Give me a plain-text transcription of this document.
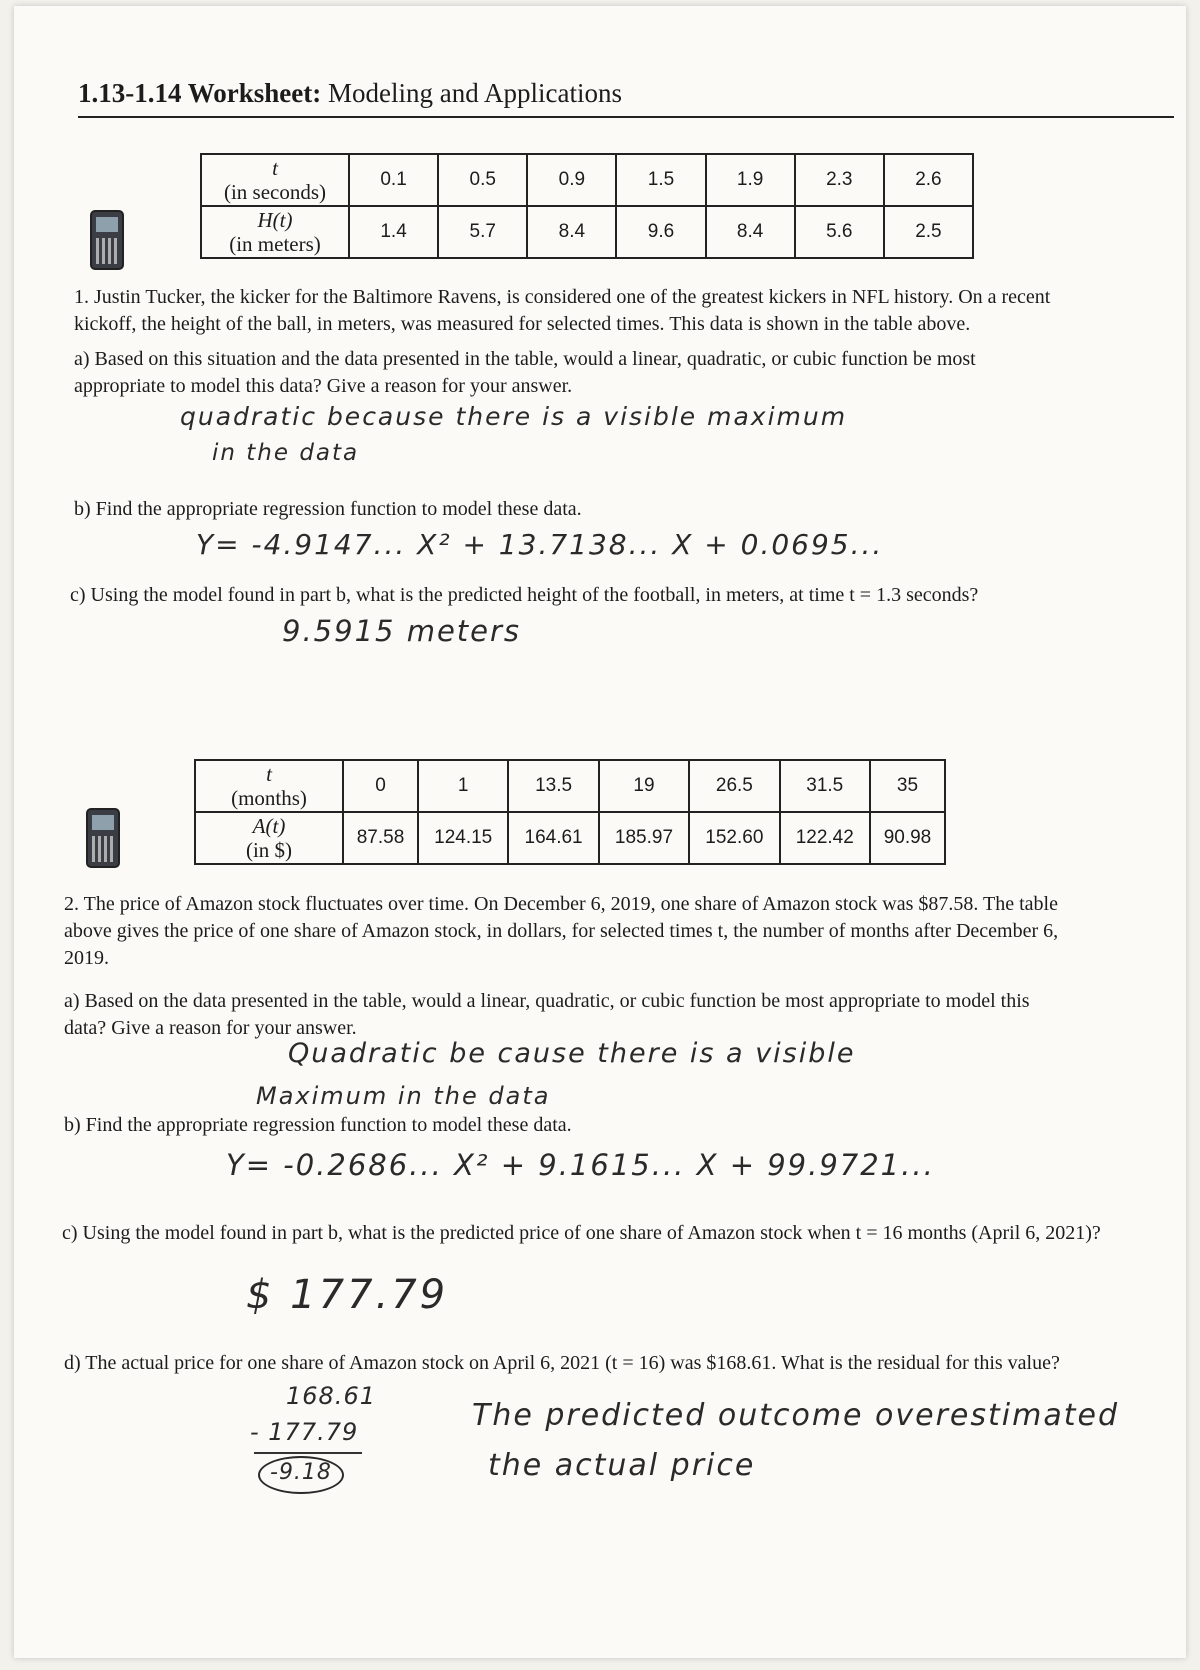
1.13-1.14 Worksheet: Modeling and Applications
t
(in seconds)	0.1	0.5	0.9	1.5	1.9	2.3	2.6

H(t)
(in meters)	1.4	5.7	8.4	9.6	8.4	5.6	2.5
1. Justin Tucker, the kicker for the Baltimore Ravens, is considered one of the greatest kickers in NFL history. On a recent kickoff, the height of the ball, in meters, was measured for selected times. This data is shown in the table above.
a) Based on this situation and the data presented in the table, would a linear, quadratic, or cubic function be most appropriate to model this data? Give a reason for your answer.
quadratic because there is a visible maximum
in the data
b) Find the appropriate regression function to model these data.
Y= -4.9147... X² + 13.7138... X + 0.0695...
c) Using the model found in part b, what is the predicted height of the football, in meters, at time t = 1.3 seconds?
9.5915 meters
t
(months)	0	1	13.5	19	26.5	31.5	35

A(t)
(in $)	87.58	124.15	164.61	185.97	152.60	122.42	90.98
2. The price of Amazon stock fluctuates over time. On December 6, 2019, one share of Amazon stock was $87.58. The table above gives the price of one share of Amazon stock, in dollars, for selected times t, the number of months after December 6, 2019.
a) Based on the data presented in the table, would a linear, quadratic, or cubic function be most appropriate to model this data? Give a reason for your answer.
Quadratic be cause there is a visible
Maximum in the data
b) Find the appropriate regression function to model these data.
Y= -0.2686... X² + 9.1615... X + 99.9721...
c) Using the model found in part b, what is the predicted price of one share of Amazon stock when t = 16 months (April 6, 2021)?
$ 177.79
d) The actual price for one share of Amazon stock on April 6, 2021 (t = 16) was $168.61. What is the residual for this value?
168.61
- 177.79
-9.18
The predicted outcome overestimated
the actual price
